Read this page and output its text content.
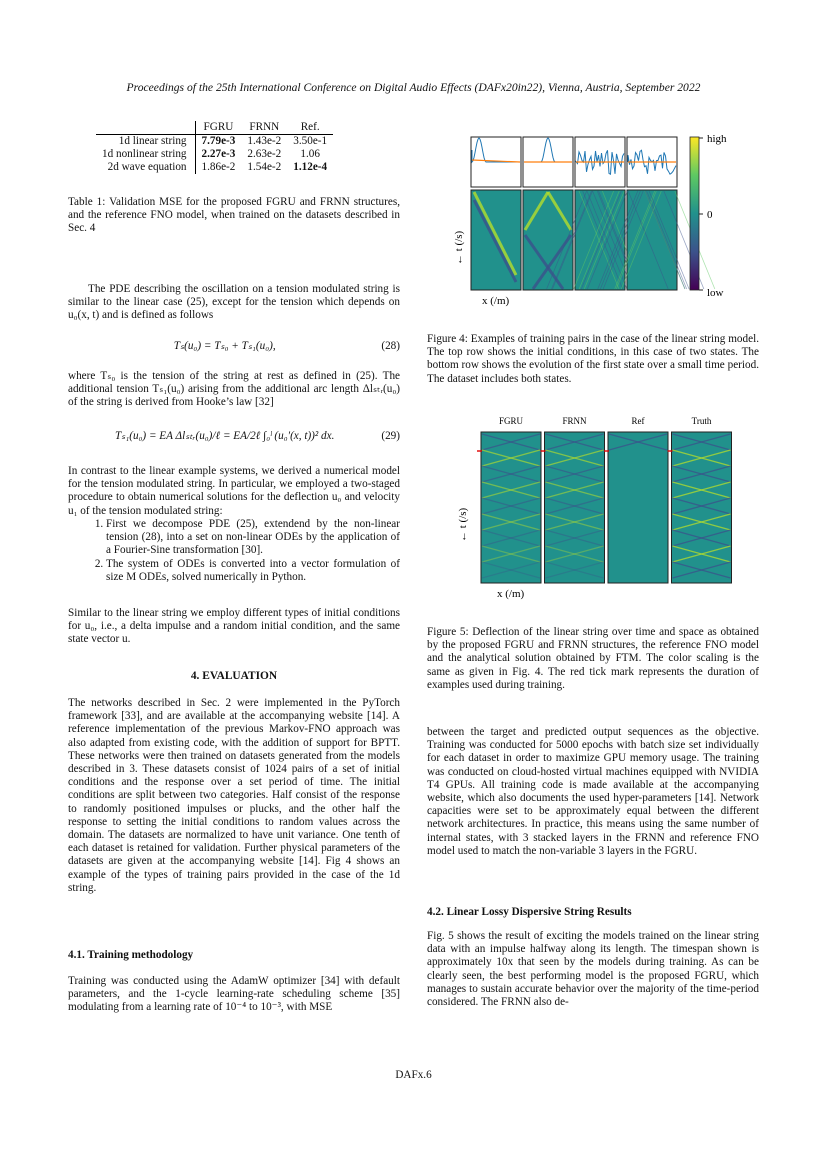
Proceedings of the 25th International Conference on Digital Audio Effects (DAFx20in22), Vienna, Austria, September 2022
	FGRU	FRNN	Ref.
1d linear string	7.79e-3	1.43e-2	3.50e-1
1d nonlinear string	2.27e-3	2.63e-2	1.06
2d wave equation	1.86e-2	1.54e-2	1.12e-4

Table 1: Validation MSE for the proposed FGRU and FRNN structures, and the reference FNO model, when trained on the datasets described in Sec. 4

The PDE describing the oscillation on a tension modulated string is similar to the linear case (25), except for the tension which depends on u₀(x, t) and is defined as follows

Tₛ(u₀) = Tₛ₀ + Tₛ₁(u₀),	(28)

where Tₛ₀ is the tension of the string at rest as defined in (25). The additional tension Tₛ₁(u₀) arising from the additional arc length Δlₛₜᵣ(u₀) of the string is derived from Hooke’s law [32]

Tₛ₁(u₀) = EA Δlₛₜᵣ(u₀)/ℓ = EA/2ℓ ∫₀ˡ (u₀′(x, t))² dx.	(29)

In contrast to the linear example systems, we derived a numerical model for the tension modulated string. In particular, we employed a two-staged procedure to obtain numerical solutions for the deflection u₀ and velocity u₁ of the tension modulated string:

1. First we decompose PDE (25), extendend by the non-linear tension (28), into a set on non-linear ODEs by the application of a Fourier-Sine transformation [30].
2. The system of ODEs is converted into a vector formulation of size M ODEs, solved numerically in Python.

Similar to the linear string we employ different types of initial conditions for u₀, i.e., a delta impulse and a random initial condition, and the same state vector u.

4. EVALUATION

The networks described in Sec. 2 were implemented in the PyTorch framework [33], and are available at the accompanying website [14]. A reference implementation of the previous Markov-FNO approach was also adapted from existing code, with the addition of support for BPTT. These networks were then trained on datasets generated from the models described in 3. These datasets consist of 1024 pairs of a set of initial conditions and the response over a set period of time. The initial conditions are split between two categories. Half consist of the response to randomly positioned impulses or plucks, and the other half the response to setting the initial conditions to random values across the domain. The datasets are normalized to have unit variance. One tenth of each dataset is retained for validation. Further physical parameters of the datasets are given at the accompanying website [14]. Fig 4 shows an example of the types of training pairs provided in the case of the 1d string.

4.1. Training methodology

Training was conducted using the AdamW optimizer [34] with default parameters, and the 1-cycle learning-rate scheduling scheme [35] modulating from a learning rate of 10⁻⁴ to 10⁻³, with MSE

high
0
low
← t (/s)
x (/m)

Figure 4: Examples of training pairs in the case of the linear string model. The top row shows the initial conditions, in this case of two states. The bottom row shows the evolution of the first state over a small time period. The dataset includes both states.

FGRU	FRNN	Ref	Truth
← t (/s)
x (/m)

Figure 5: Deflection of the linear string over time and space as obtained by the proposed FGRU and FRNN structures, the reference FNO model and the analytical solution obtained by FTM. The color scaling is the same as given in Fig. 4. The red tick mark represents the duration of examples used during training.

between the target and predicted output sequences as the objective. Training was conducted for 5000 epochs with batch size set individually for each dataset in order to maximize GPU memory usage. The training was conducted on cloud-hosted virtual machines equipped with NVIDIA T4 GPUs. All training code is made available at the accompanying website, which also documents the used hyper-parameters [14]. Network capacities were set to be approximately equal between the different network architectures. In practice, this means using the same number of internal states, with 3 stacked layers in the FRNN and reference FNO model used to match the non-variable 3 layers in the FGRU.

4.2. Linear Lossy Dispersive String Results

Fig. 5 shows the result of exciting the models trained on the linear string data with an impulse halfway along its length. The timespan shown is approximately 10x that seen by the models during training. As can be clearly seen, the best performing model is the proposed FGRU, which manages to sustain accurate behavior over the majority of the time-period considered. The FRNN also de-

DAFx.6
